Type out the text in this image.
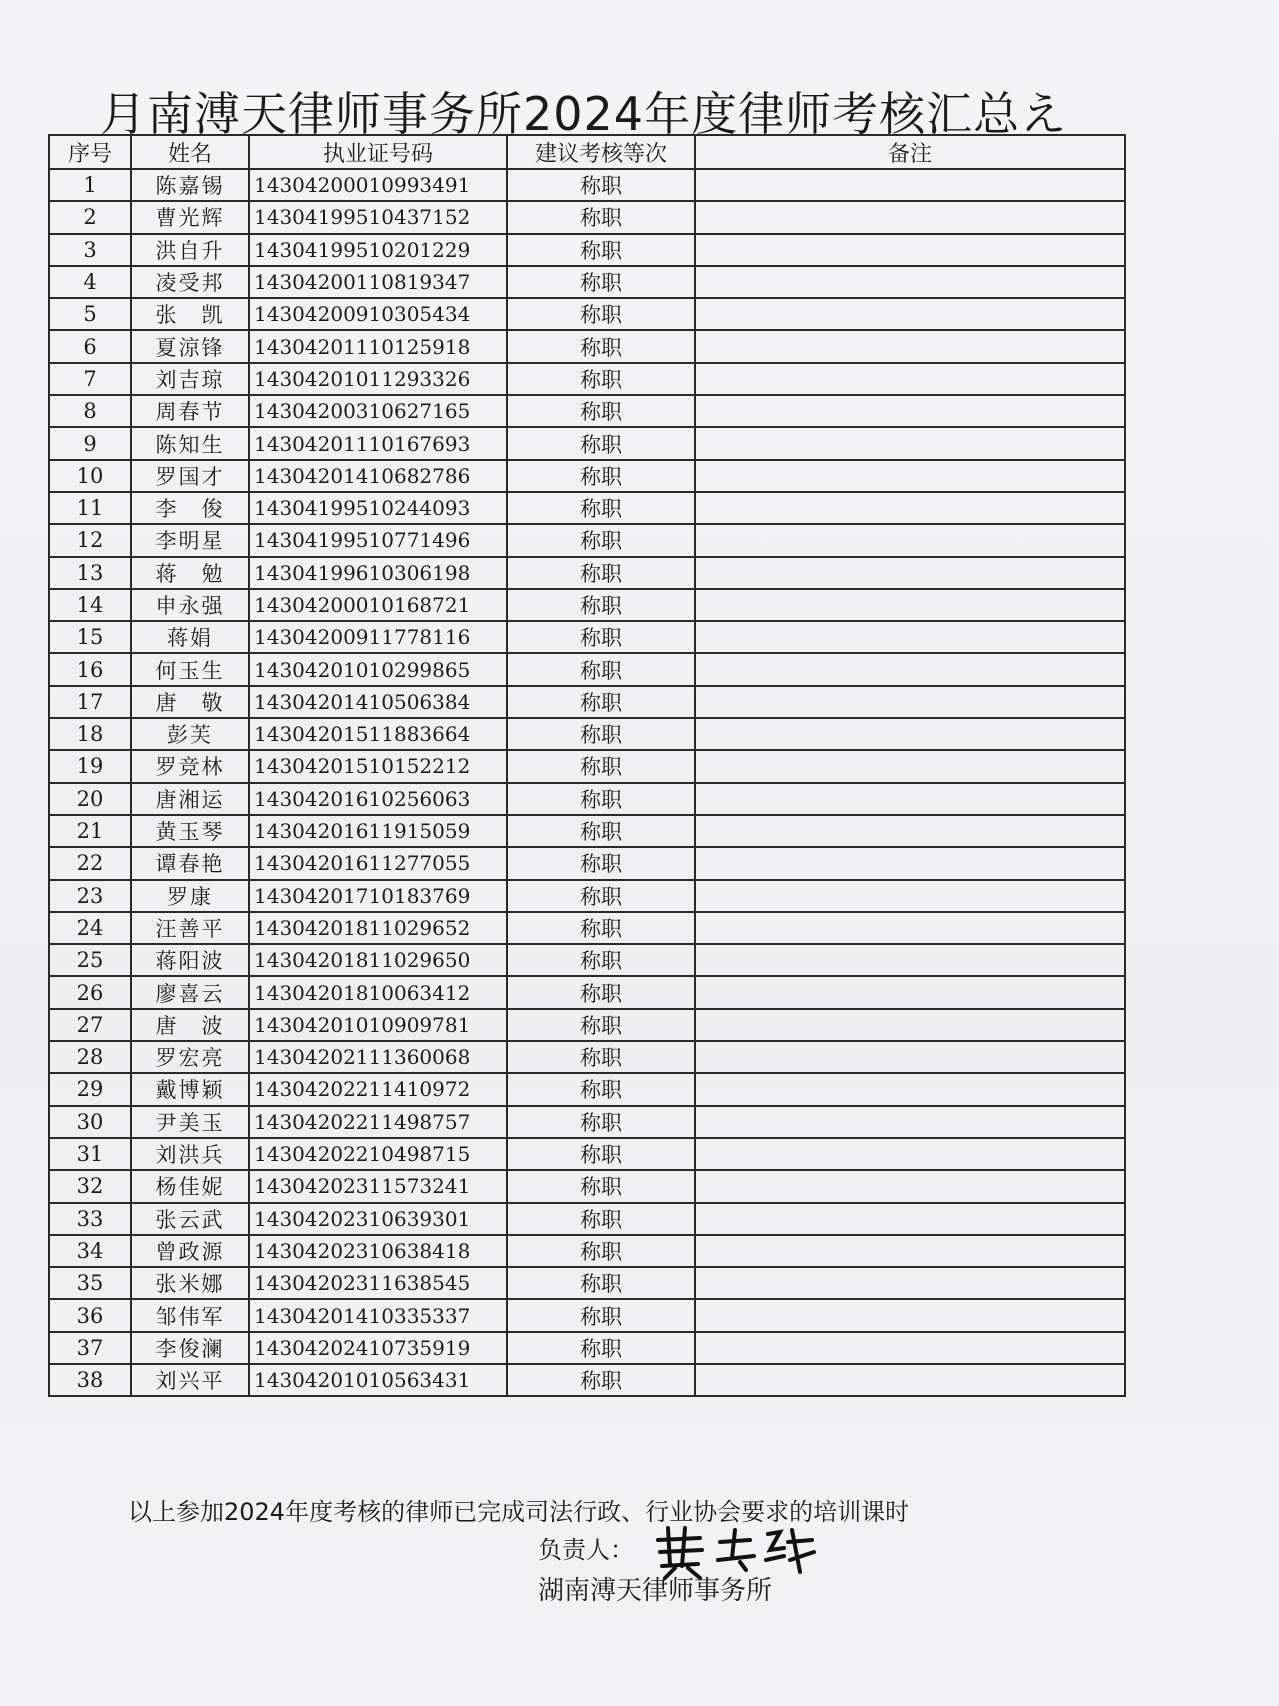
月南溥天律师事务所2024年度律师考核汇总え
序号	姓名	执业证号码	建议考核等次	备注
1	陈嘉锡	14304200010993491	称职	
2	曹光辉	14304199510437152	称职	
3	洪自升	14304199510201229	称职	
4	凌受邦	14304200110819347	称职	
5	张　凯	14304200910305434	称职	
6	夏涼锋	14304201110125918	称职	
7	刘吉琼	14304201011293326	称职	
8	周春节	14304200310627165	称职	
9	陈知生	14304201110167693	称职	
10	罗国才	14304201410682786	称职	
11	李　俊	14304199510244093	称职	
12	李明星	14304199510771496	称职	
13	蒋　勉	14304199610306198	称职	
14	申永强	14304200010168721	称职	
15	蒋娟	14304200911778116	称职	
16	何玉生	14304201010299865	称职	
17	唐　敬	14304201410506384	称职	
18	彭芙	14304201511883664	称职	
19	罗竞林	14304201510152212	称职	
20	唐湘运	14304201610256063	称职	
21	黄玉琴	14304201611915059	称职	
22	谭春艳	14304201611277055	称职	
23	罗康	14304201710183769	称职	
24	汪善平	14304201811029652	称职	
25	蒋阳波	14304201811029650	称职	
26	廖喜云	14304201810063412	称职	
27	唐　波	14304201010909781	称职	
28	罗宏亮	14304202111360068	称职	
29	戴博颖	14304202211410972	称职	
30	尹美玉	14304202211498757	称职	
31	刘洪兵	14304202210498715	称职	
32	杨佳妮	14304202311573241	称职	
33	张云武	14304202310639301	称职	
34	曾政源	14304202310638418	称职	
35	张米娜	14304202311638545	称职	
36	邹伟军	14304201410335337	称职	
37	李俊澜	14304202410735919	称职	
38	刘兴平	14304201010563431	称职	
以上参加2024年度考核的律师已完成司法行政、行业协会要求的培训课时
负责人：
湖南溥天律师事务所
